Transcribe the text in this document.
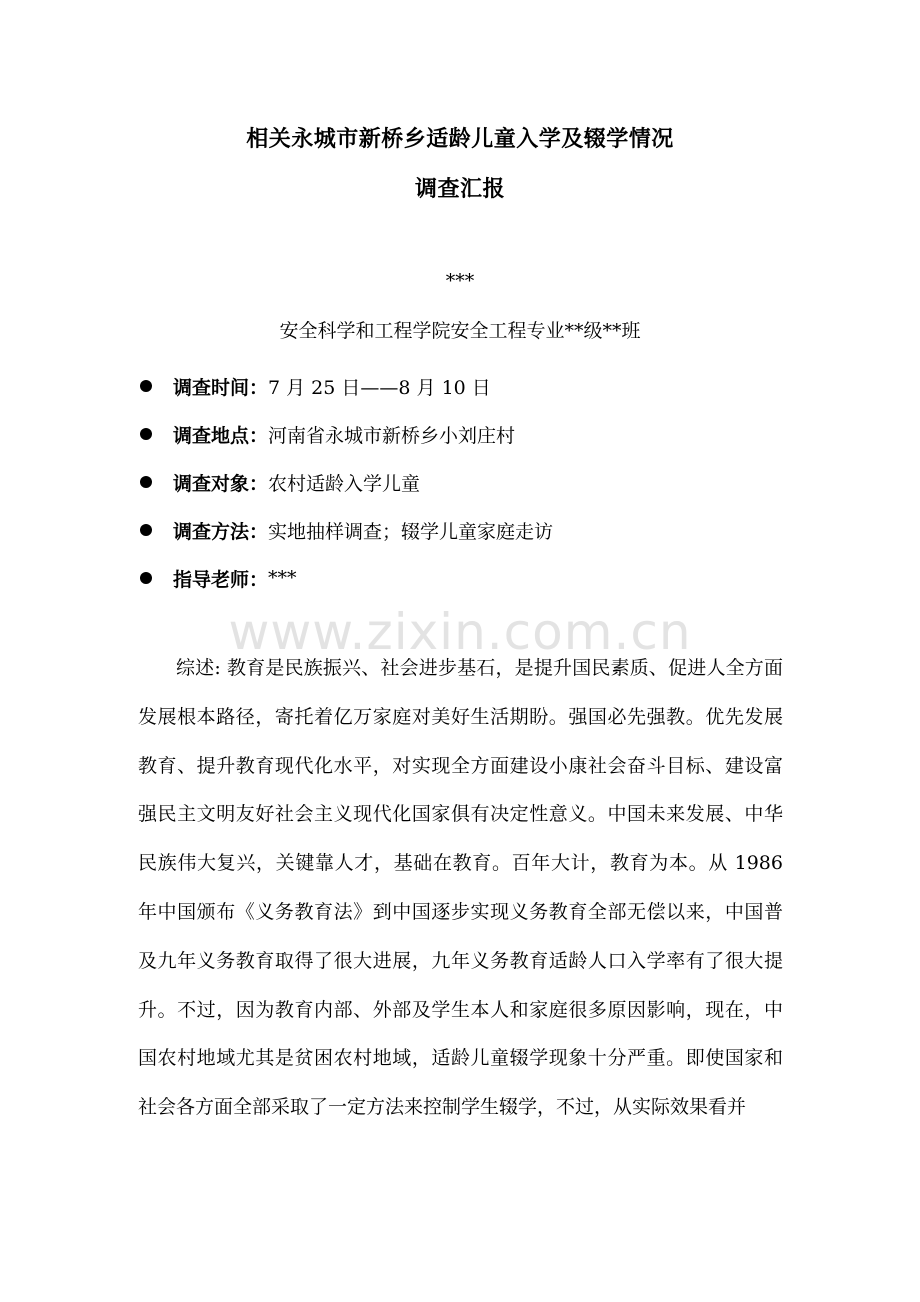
相关永城市新桥乡适龄儿童入学及辍学情况
调查汇报
***
安全科学和工程学院安全工程专业**级**班
调查时间： 7 月 25 日——8 月 10 日
调查地点： 河南省永城市新桥乡小刘庄村
调查对象： 农村适龄入学儿童
调查方法： 实地抽样调查；辍学儿童家庭走访
指导老师： ***
www.zixin.com.cn

综述: 教育是民族振兴、社会进步基石，是提升国民素质、促进人全方面发展根本路径，寄托着亿万家庭对美好生活期盼。强国必先强教。优先发展教育、提升教育现代化水平，对实现全方面建设小康社会奋斗目标、建设富强民主文明友好社会主义现代化国家俱有决定性意义。中国未来发展、中华民族伟大复兴，关键靠人才，基础在教育。百年大计，教育为本。从 1986 年中国颁布《义务教育法》到中国逐步实现义务教育全部无偿以来，中国普及九年义务教育取得了很大进展，九年义务教育适龄人口入学率有了很大提升。不过，因为教育内部、外部及学生本人和家庭很多原因影响，现在，中国农村地域尤其是贫困农村地域，适龄儿童辍学现象十分严重。即使国家和社会各方面全部采取了一定方法来控制学生辍学，不过，从实际效果看并
